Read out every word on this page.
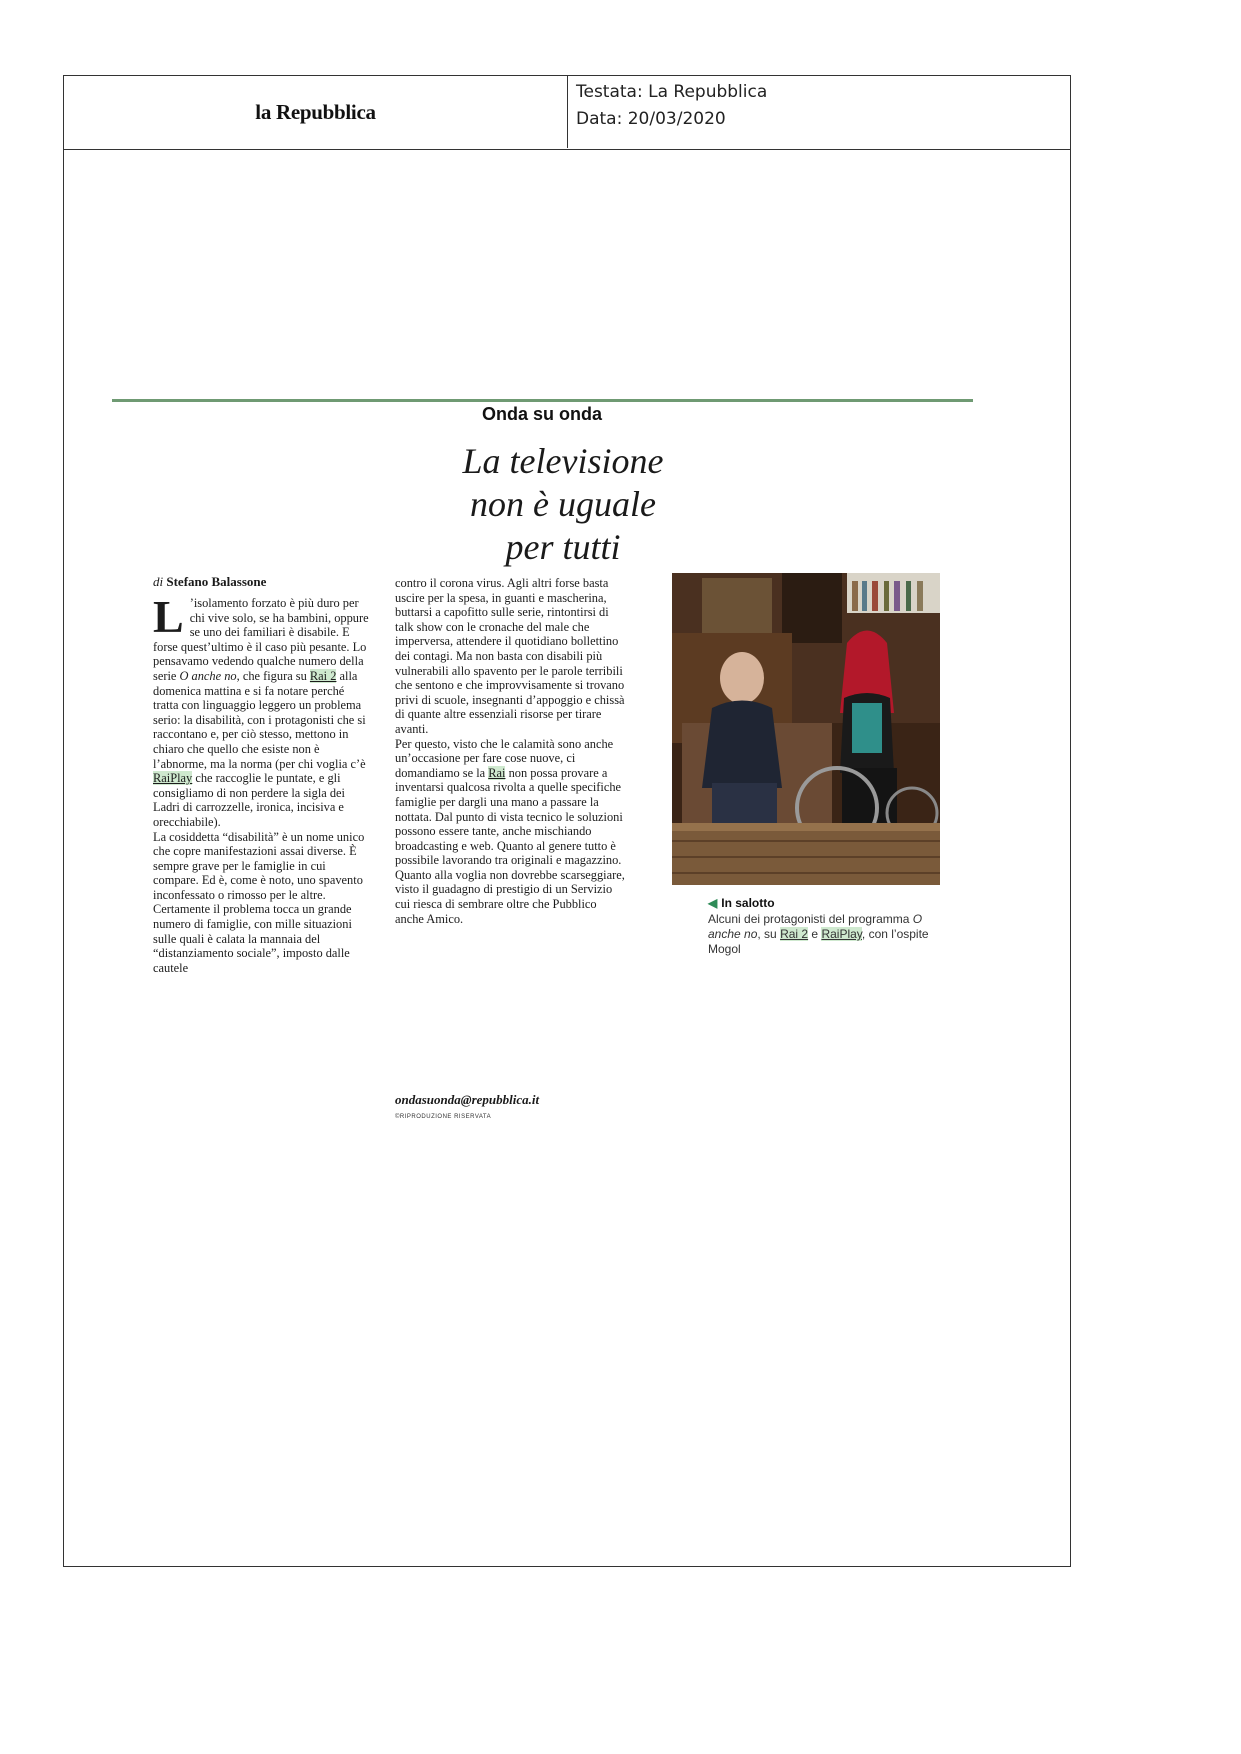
la Repubblica
Testata: La Repubblica
Data: 20/03/2020
Onda su onda
La televisione non è uguale per tutti
di Stefano Balassone
L ’isolamento forzato è più duro per chi vive solo, se ha bambini, oppure se uno dei familiari è disabile. E forse quest’ultimo è il caso più pesante. Lo pensavamo vedendo qualche numero della serie O anche no, che figura su Rai 2 alla domenica mattina e si fa notare perché tratta con linguaggio leggero un problema serio: la disabilità, con i protagonisti che si raccontano e, per ciò stesso, mettono in chiaro che quello che esiste non è l’abnorme, ma la norma (per chi voglia c’è RaiPlay che raccoglie le puntate, e gli consigliamo di non perdere la sigla dei Ladri di carrozzelle, ironica, incisiva e orecchiabile).
La cosiddetta “disabilità” è un nome unico che copre manifestazioni assai diverse. È sempre grave per le famiglie in cui compare. Ed è, come è noto, uno spavento inconfessato o rimosso per le altre. Certamente il problema tocca un grande numero di famiglie, con mille situazioni sulle quali è calata la mannaia del “distanziamento sociale”, imposto dalle cautele

contro il corona virus. Agli altri forse basta uscire per la spesa, in guanti e mascherina, buttarsi a capofitto sulle serie, rintontirsi di talk show con le cronache del male che imperversa, attendere il quotidiano bollettino dei contagi. Ma non basta con disabili più vulnerabili allo spavento per le parole terribili che sentono e che improvvisamente si trovano privi di scuole, insegnanti d’appoggio e chissà di quante altre essenziali risorse per tirare avanti.
Per questo, visto che le calamità sono anche un’occasione per fare cose nuove, ci domandiamo se la Rai non possa provare a inventarsi qualcosa rivolta a quelle specifiche famiglie per dargli una mano a passare la nottata. Dal punto di vista tecnico le soluzioni possono essere tante, anche mischiando broadcasting e web. Quanto al genere tutto è possibile lavorando tra originali e magazzino. Quanto alla voglia non dovrebbe scarseggiare, visto il guadagno di prestigio di un Servizio cui riesca di sembrare oltre che Pubblico anche Amico.

ondasuonda@repubblica.it
©RIPRODUZIONE RISERVATA
◀ In salotto
Alcuni dei protagonisti del programma O anche no, su Rai 2 e RaiPlay, con l’ospite Mogol
